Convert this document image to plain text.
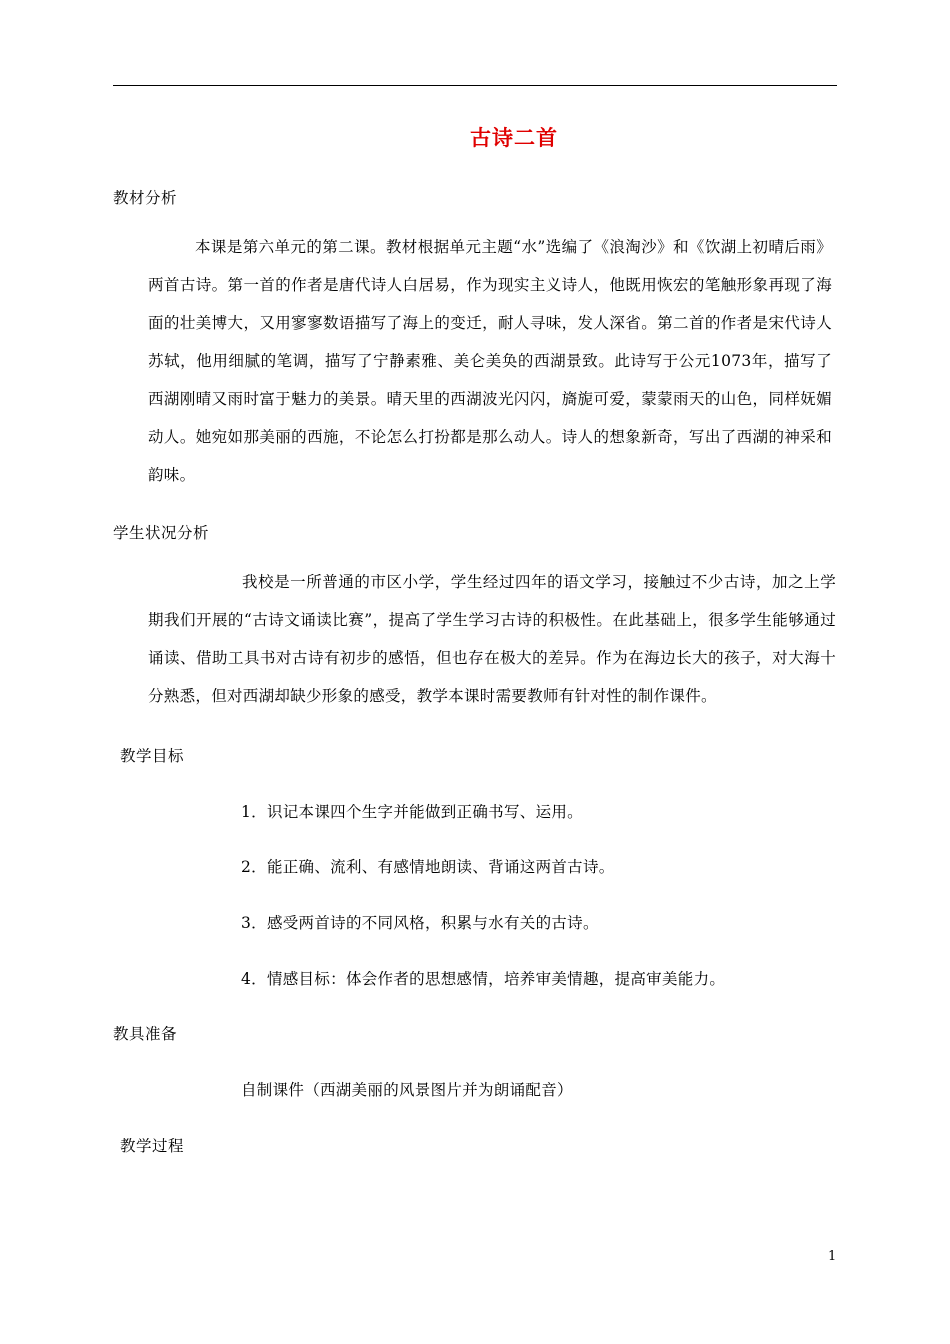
古诗二首
教材分析
本课是第六单元的第二课。教材根据单元主题“水”选编了《浪淘沙》和《饮湖上初晴后雨》两首古诗。第一首的作者是唐代诗人白居易，作为现实主义诗人，他既用恢宏的笔触形象再现了海面的壮美博大，又用寥寥数语描写了海上的变迁，耐人寻味，发人深省。第二首的作者是宋代诗人苏轼，他用细腻的笔调，描写了宁静素雅、美仑美奂的西湖景致。此诗写于公元1073年，描写了西湖刚晴又雨时富于魅力的美景。晴天里的西湖波光闪闪，旖旎可爱，蒙蒙雨天的山色，同样妩媚动人。她宛如那美丽的西施，不论怎么打扮都是那么动人。诗人的想象新奇，写出了西湖的神采和韵味。
学生状况分析
我校是一所普通的市区小学，学生经过四年的语文学习，接触过不少古诗，加之上学期我们开展的“古诗文诵读比赛”，提高了学生学习古诗的积极性。在此基础上，很多学生能够通过诵读、借助工具书对古诗有初步的感悟，但也存在极大的差异。作为在海边长大的孩子，对大海十分熟悉，但对西湖却缺少形象的感受，教学本课时需要教师有针对性的制作课件。
教学目标
1．识记本课四个生字并能做到正确书写、运用。
2．能正确、流利、有感情地朗读、背诵这两首古诗。
3．感受两首诗的不同风格，积累与水有关的古诗。
4．情感目标：体会作者的思想感情，培养审美情趣，提高审美能力。
教具准备
自制课件（西湖美丽的风景图片并为朗诵配音）
教学过程
1
